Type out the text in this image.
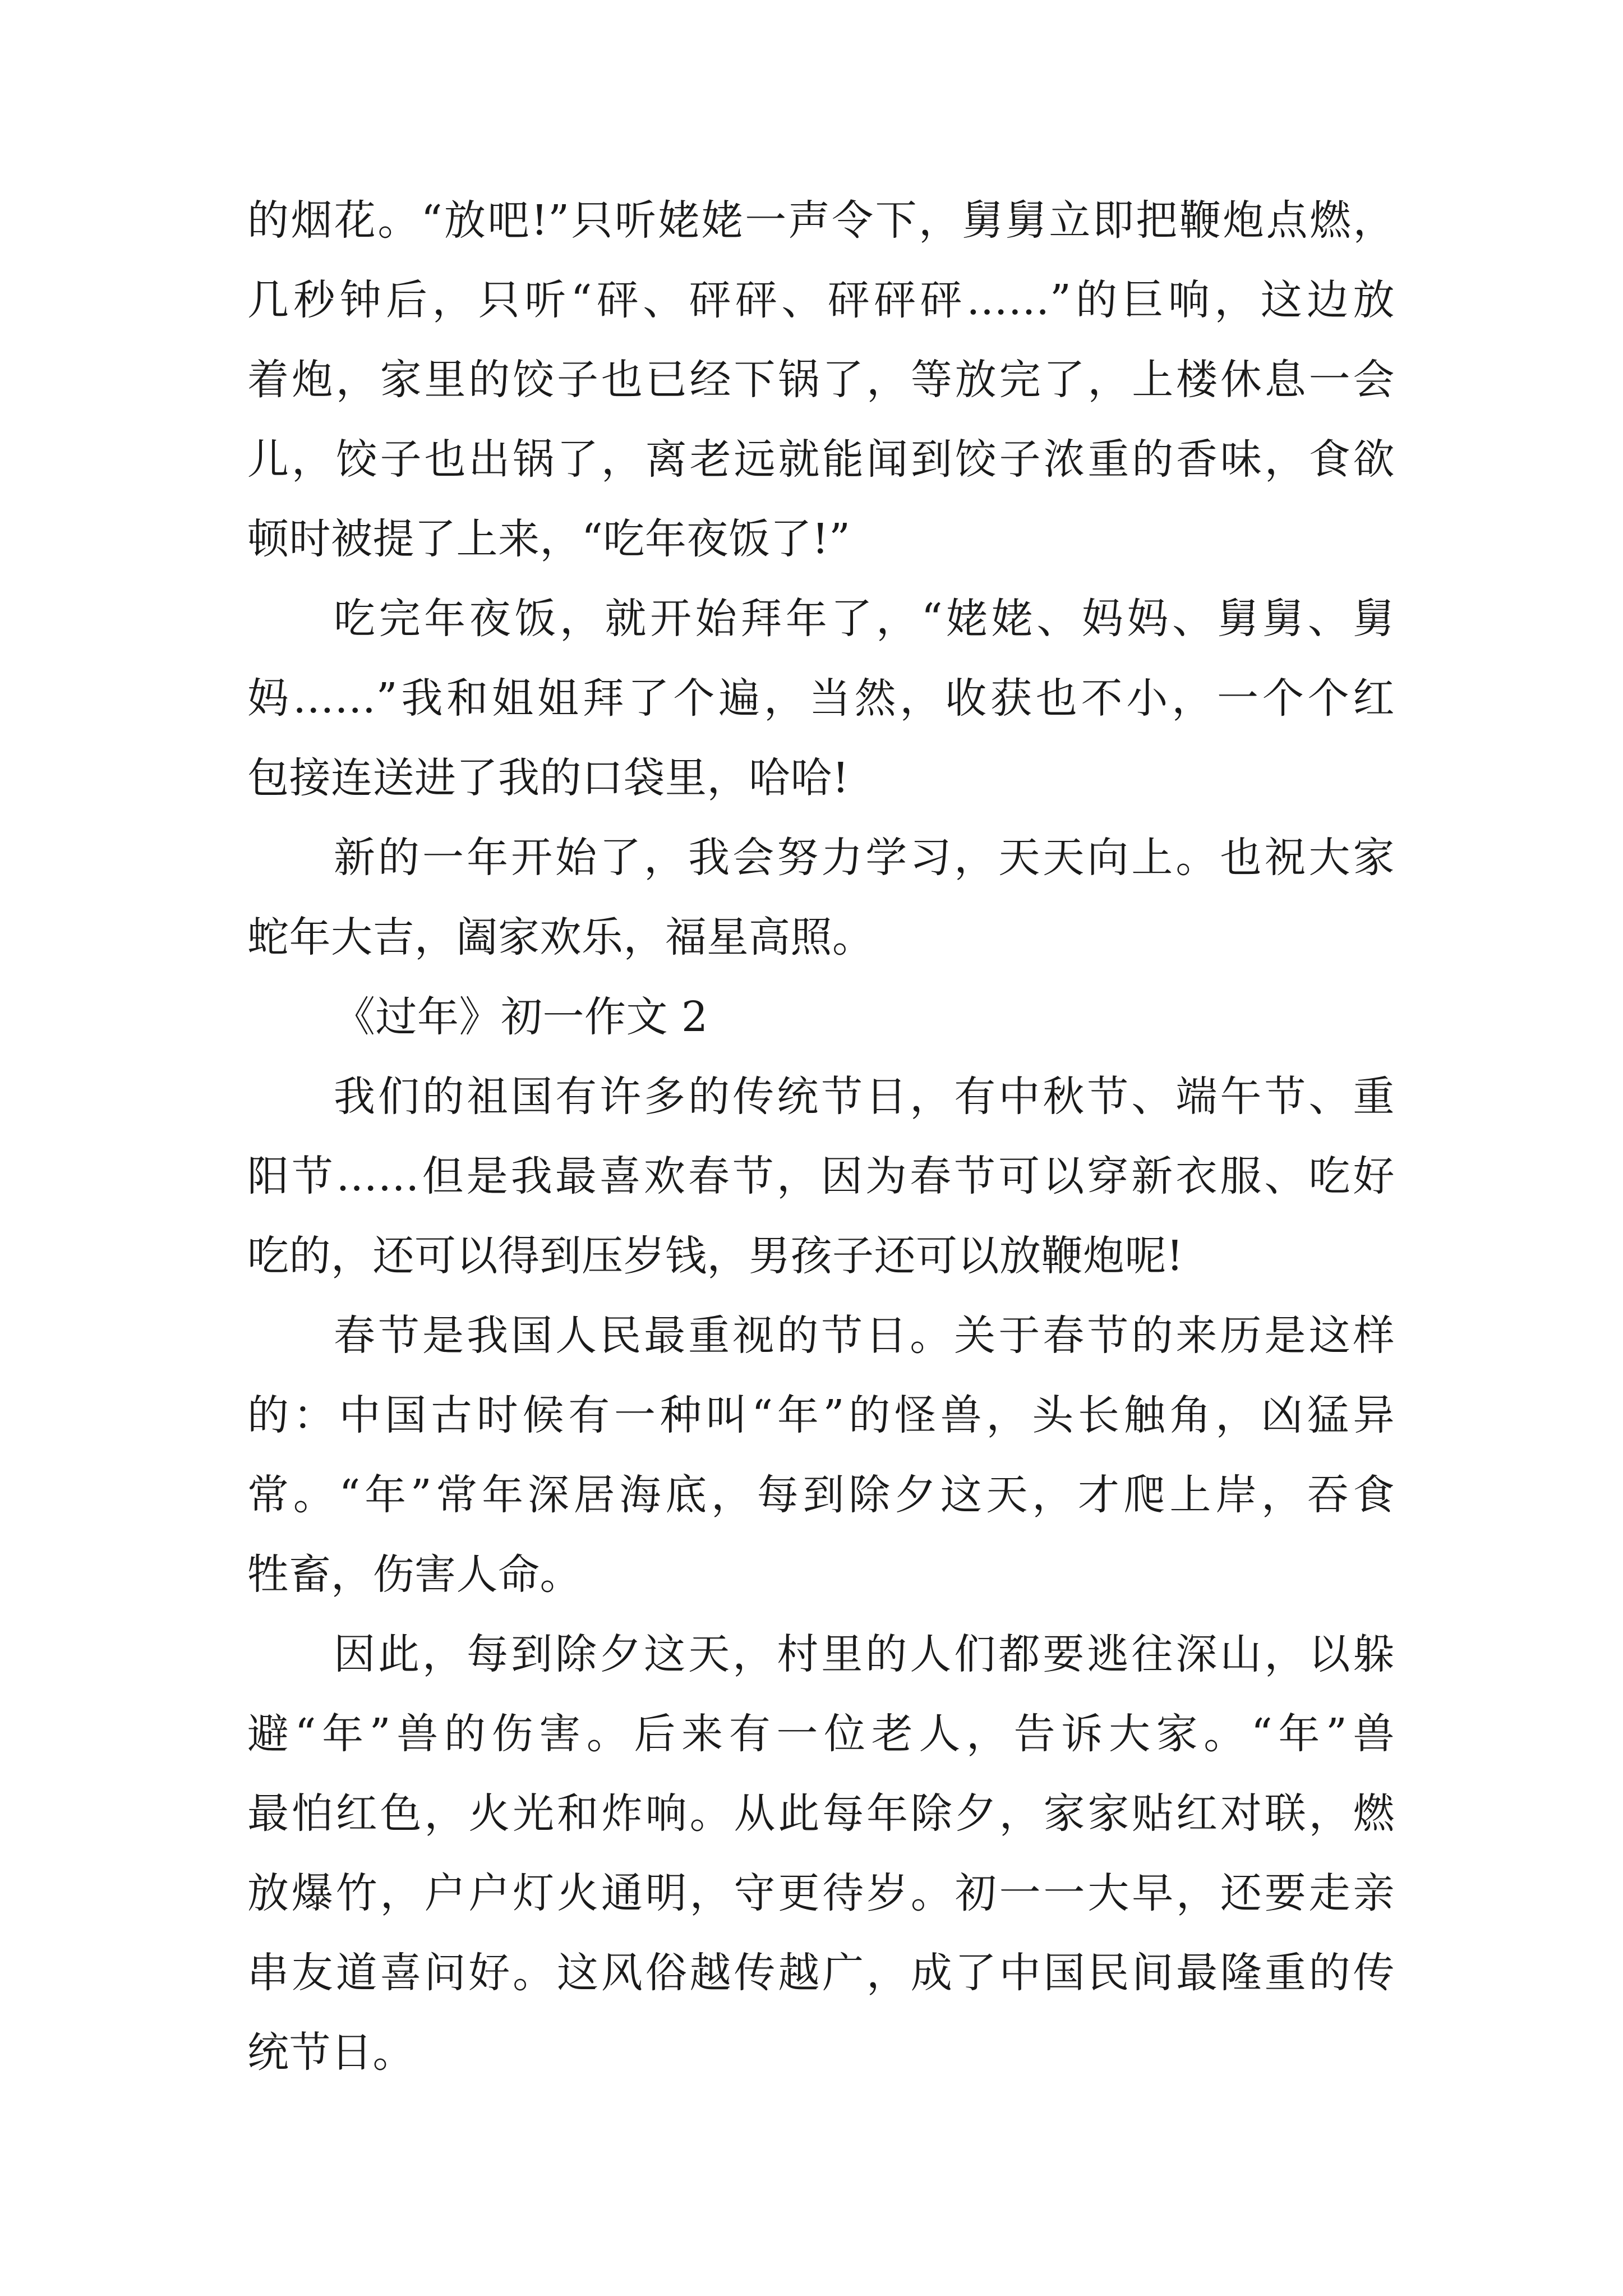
的烟花。“放吧!”只听姥姥一声令下，舅舅立即把鞭炮点燃，
几秒钟后，只听“砰、砰砰、砰砰砰……”的巨响，这边放
着炮，家里的饺子也已经下锅了，等放完了，上楼休息一会
儿，饺子也出锅了，离老远就能闻到饺子浓重的香味，食欲
顿时被提了上来，“吃年夜饭了!”
吃完年夜饭，就开始拜年了，“姥姥、妈妈、舅舅、舅
妈……”我和姐姐拜了个遍，当然，收获也不小，一个个红
包接连送进了我的口袋里，哈哈!
新的一年开始了，我会努力学习，天天向上。也祝大家
蛇年大吉，阖家欢乐，福星高照。
《过年》初一作文 2
我们的祖国有许多的传统节日，有中秋节、端午节、重
阳节……但是我最喜欢春节，因为春节可以穿新衣服、吃好
吃的，还可以得到压岁钱，男孩子还可以放鞭炮呢!
春节是我国人民最重视的节日。关于春节的来历是这样
的：中国古时候有一种叫“年”的怪兽，头长触角，凶猛异
常。“年”常年深居海底，每到除夕这天，才爬上岸，吞食
牲畜，伤害人命。
因此，每到除夕这天，村里的人们都要逃往深山，以躲
避“年”兽的伤害。后来有一位老人，告诉大家。“年”兽
最怕红色，火光和炸响。从此每年除夕，家家贴红对联，燃
放爆竹，户户灯火通明，守更待岁。初一一大早，还要走亲
串友道喜问好。这风俗越传越广，成了中国民间最隆重的传
统节日。
